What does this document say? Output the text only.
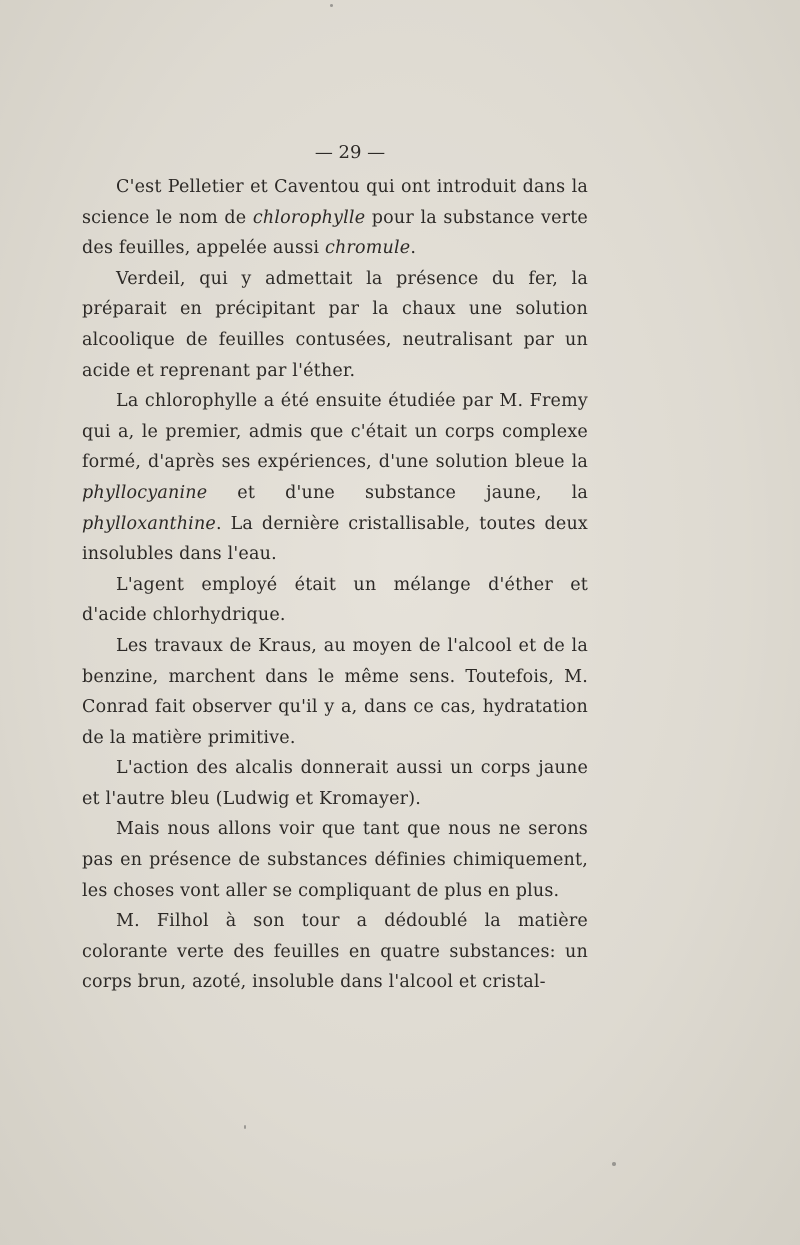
— 29 —

C'est Pelletier et Caventou qui ont introduit dans la science le nom de chlorophylle pour la substance verte des feuilles, appelée aussi chromule.

Verdeil, qui y admettait la présence du fer, la préparait en précipitant par la chaux une solution alcoolique de feuilles contusées, neutralisant par un acide et reprenant par l'éther.

La chlorophylle a été ensuite étudiée par M. Fremy qui a, le premier, admis que c'était un corps complexe formé, d'après ses expériences, d'une solution bleue la phyllocyanine et d'une substance jaune, la phylloxanthine. La dernière cristallisable, toutes deux insolubles dans l'eau.

L'agent employé était un mélange d'éther et d'acide chlorhydrique.

Les travaux de Kraus, au moyen de l'alcool et de la benzine, marchent dans le même sens. Toutefois, M. Conrad fait observer qu'il y a, dans ce cas, hydratation de la matière primitive.

L'action des alcalis donnerait aussi un corps jaune et l'autre bleu (Ludwig et Kromayer).

Mais nous allons voir que tant que nous ne serons pas en présence de substances définies chimiquement, les choses vont aller se compliquant de plus en plus.

M. Filhol à son tour a dédoublé la matière colorante verte des feuilles en quatre substances: un corps brun, azoté, insoluble dans l'alcool et cristal-
